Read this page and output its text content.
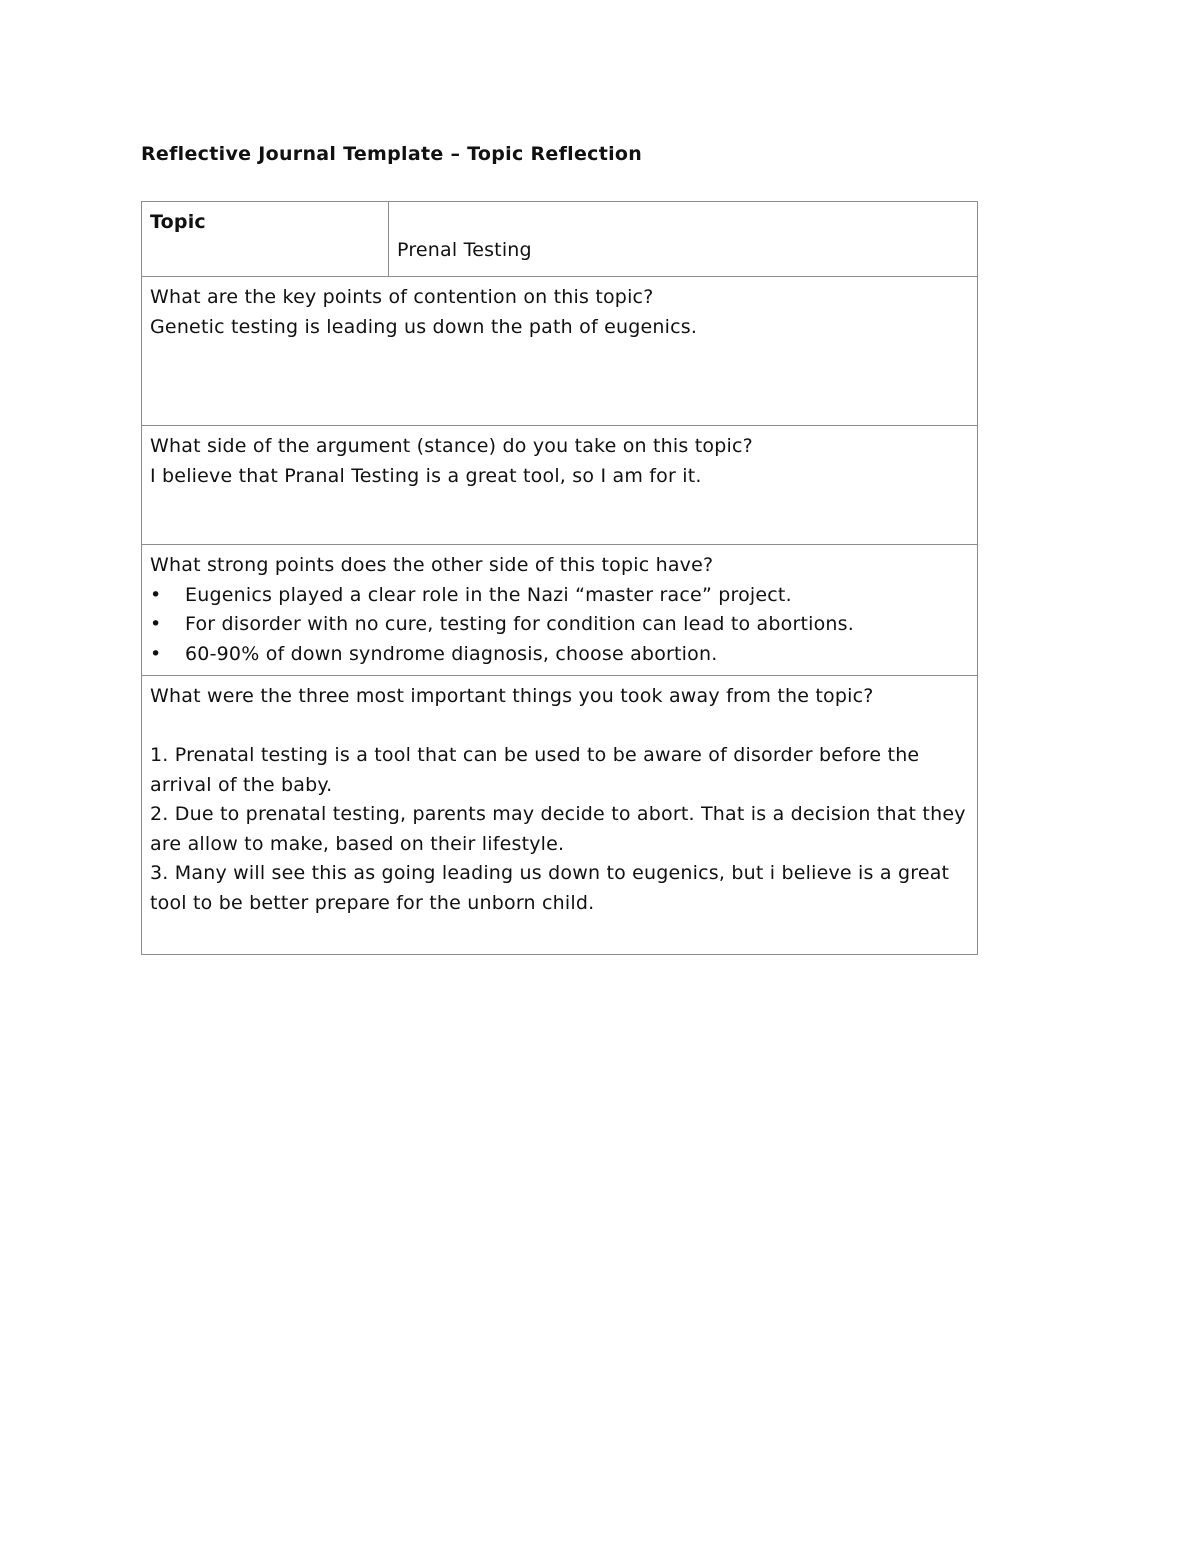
Reflective Journal Template – Topic Reflection
Topic	Prenal Testing

What are the key points of contention on this topic?
Genetic testing is leading us down the path of eugenics.

What side of the argument (stance) do you take on this topic?
I believe that Pranal Testing is a great tool, so I am for it.

What strong points does the other side of this topic have?
• Eugenics played a clear role in the Nazi “master race” project.
• For disorder with no cure, testing for condition can lead to abortions.
• 60-90% of down syndrome diagnosis, choose abortion.

What were the three most important things you took away from the topic?
1. Prenatal testing is a tool that can be used to be aware of disorder before the arrival of the baby.
2. Due to prenatal testing, parents may decide to abort. That is a decision that they are allow to make, based on their lifestyle.
3. Many will see this as going leading us down to eugenics, but i believe is a great tool to be better prepare for the unborn child.
